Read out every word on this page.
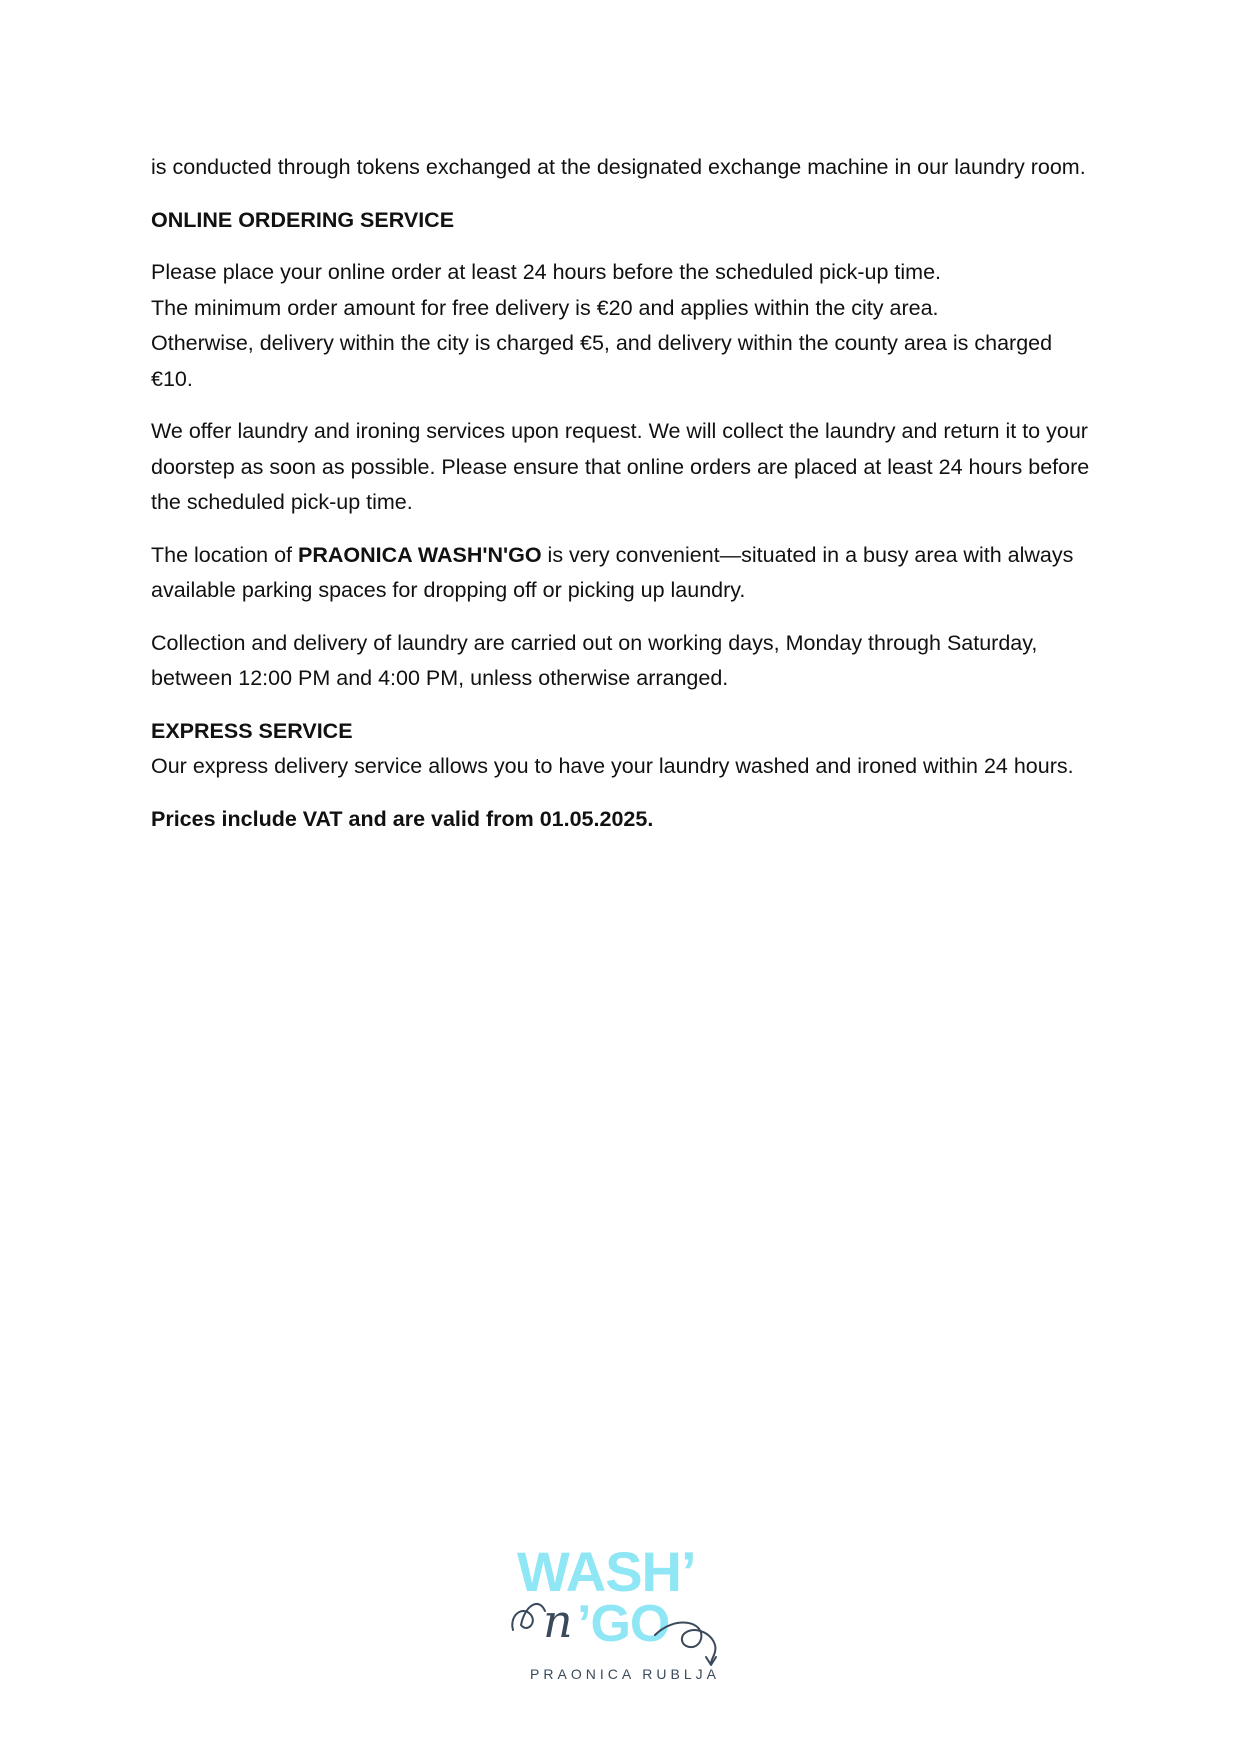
is conducted through tokens exchanged at the designated exchange machine in our laundry room.

ONLINE ORDERING SERVICE

Please place your online order at least 24 hours before the scheduled pick-up time.
The minimum order amount for free delivery is €20 and applies within the city area.
Otherwise, delivery within the city is charged €5, and delivery within the county area is charged €10.

We offer laundry and ironing services upon request. We will collect the laundry and return it to your doorstep as soon as possible. Please ensure that online orders are placed at least 24 hours before the scheduled pick-up time.

The location of PRAONICA WASH'N'GO is very convenient—situated in a busy area with always available parking spaces for dropping off or picking up laundry.

Collection and delivery of laundry are carried out on working days, Monday through Saturday, between 12:00 PM and 4:00 PM, unless otherwise arranged.

EXPRESS SERVICE

Our express delivery service allows you to have your laundry washed and ironed within 24 hours.

Prices include VAT and are valid from 01.05.2025.

WASH’
’GO
n
PRAONICA RUBLJA
